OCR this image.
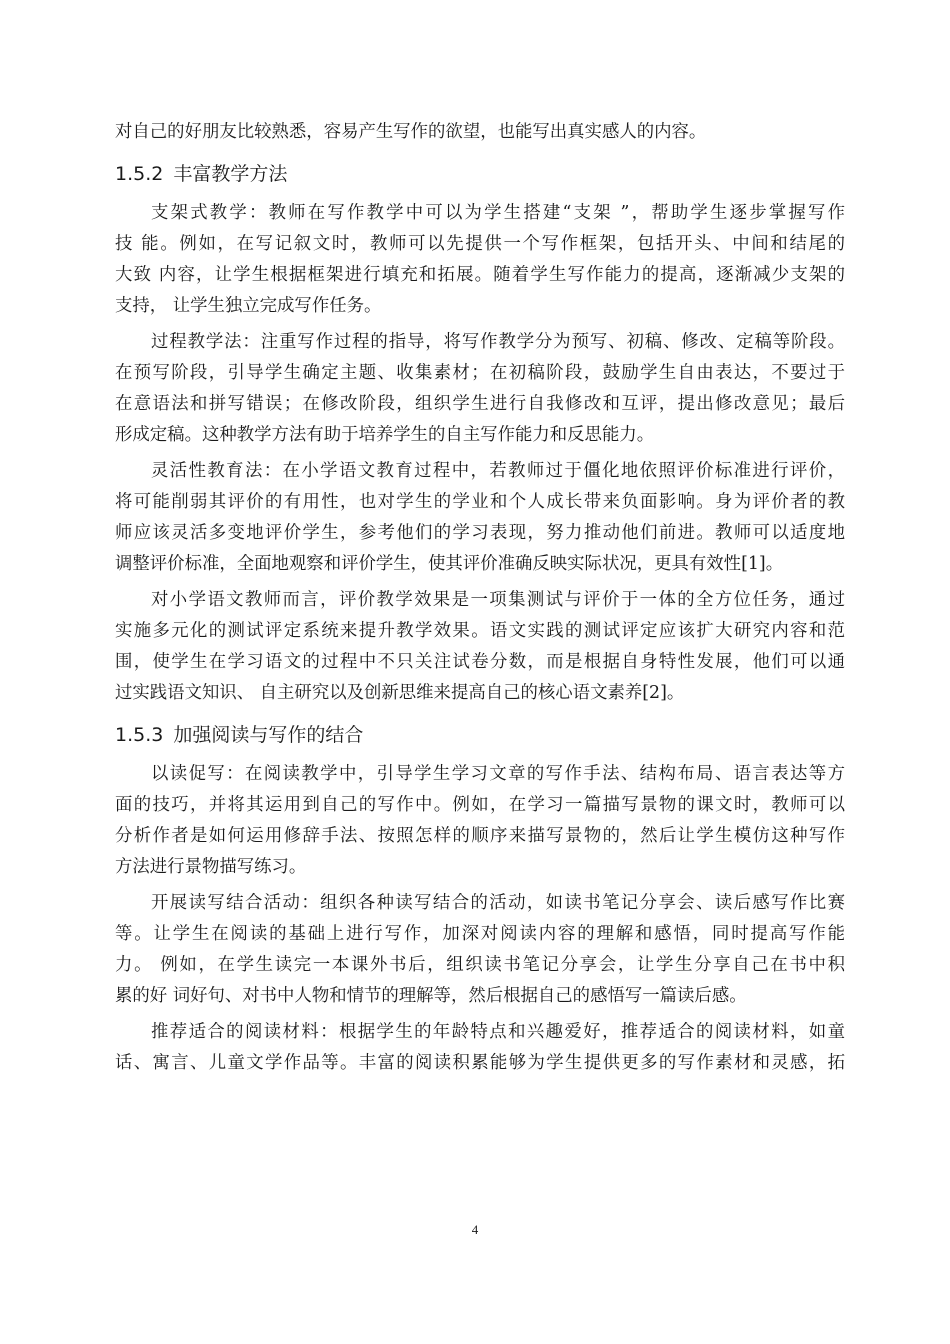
对自己的好朋友比较熟悉，容易产生写作的欲望，也能写出真实感人的内容。
1.5.2 丰富教学方法
支架式教学：教师在写作教学中可以为学生搭建“支架 ”，帮助学生逐步掌握写作
技 能。例如，在写记叙文时，教师可以先提供一个写作框架，包括开头、中间和结尾的
大致 内容，让学生根据框架进行填充和拓展。随着学生写作能力的提高，逐渐减少支架的
支持， 让学生独立完成写作任务。
过程教学法：注重写作过程的指导，将写作教学分为预写、初稿、修改、定稿等阶段。
在预写阶段，引导学生确定主题、收集素材；在初稿阶段，鼓励学生自由表达，不要过于
在意语法和拼写错误；在修改阶段，组织学生进行自我修改和互评，提出修改意见；最后
形成定稿。这种教学方法有助于培养学生的自主写作能力和反思能力。
灵活性教育法：在小学语文教育过程中，若教师过于僵化地依照评价标准进行评价，
将可能削弱其评价的有用性，也对学生的学业和个人成长带来负面影响。身为评价者的教
师应该灵活多变地评价学生，参考他们的学习表现，努力推动他们前进。教师可以适度地
调整评价标准，全面地观察和评价学生，使其评价准确反映实际状况，更具有效性[1]。
对小学语文教师而言，评价教学效果是一项集测试与评价于一体的全方位任务，通过
实施多元化的测试评定系统来提升教学效果。语文实践的测试评定应该扩大研究内容和范
围，使学生在学习语文的过程中不只关注试卷分数，而是根据自身特性发展，他们可以通
过实践语文知识、 自主研究以及创新思维来提高自己的核心语文素养[2]。
1.5.3 加强阅读与写作的结合
以读促写：在阅读教学中，引导学生学习文章的写作手法、结构布局、语言表达等方
面的技巧，并将其运用到自己的写作中。例如，在学习一篇描写景物的课文时，教师可以
分析作者是如何运用修辞手法、按照怎样的顺序来描写景物的，然后让学生模仿这种写作
方法进行景物描写练习。
开展读写结合活动：组织各种读写结合的活动，如读书笔记分享会、读后感写作比赛
等。让学生在阅读的基础上进行写作，加深对阅读内容的理解和感悟，同时提高写作能
力。 例如，在学生读完一本课外书后，组织读书笔记分享会，让学生分享自己在书中积
累的好 词好句、对书中人物和情节的理解等，然后根据自己的感悟写一篇读后感。
推荐适合的阅读材料：根据学生的年龄特点和兴趣爱好，推荐适合的阅读材料，如童
话、寓言、儿童文学作品等。丰富的阅读积累能够为学生提供更多的写作素材和灵感，拓
4
